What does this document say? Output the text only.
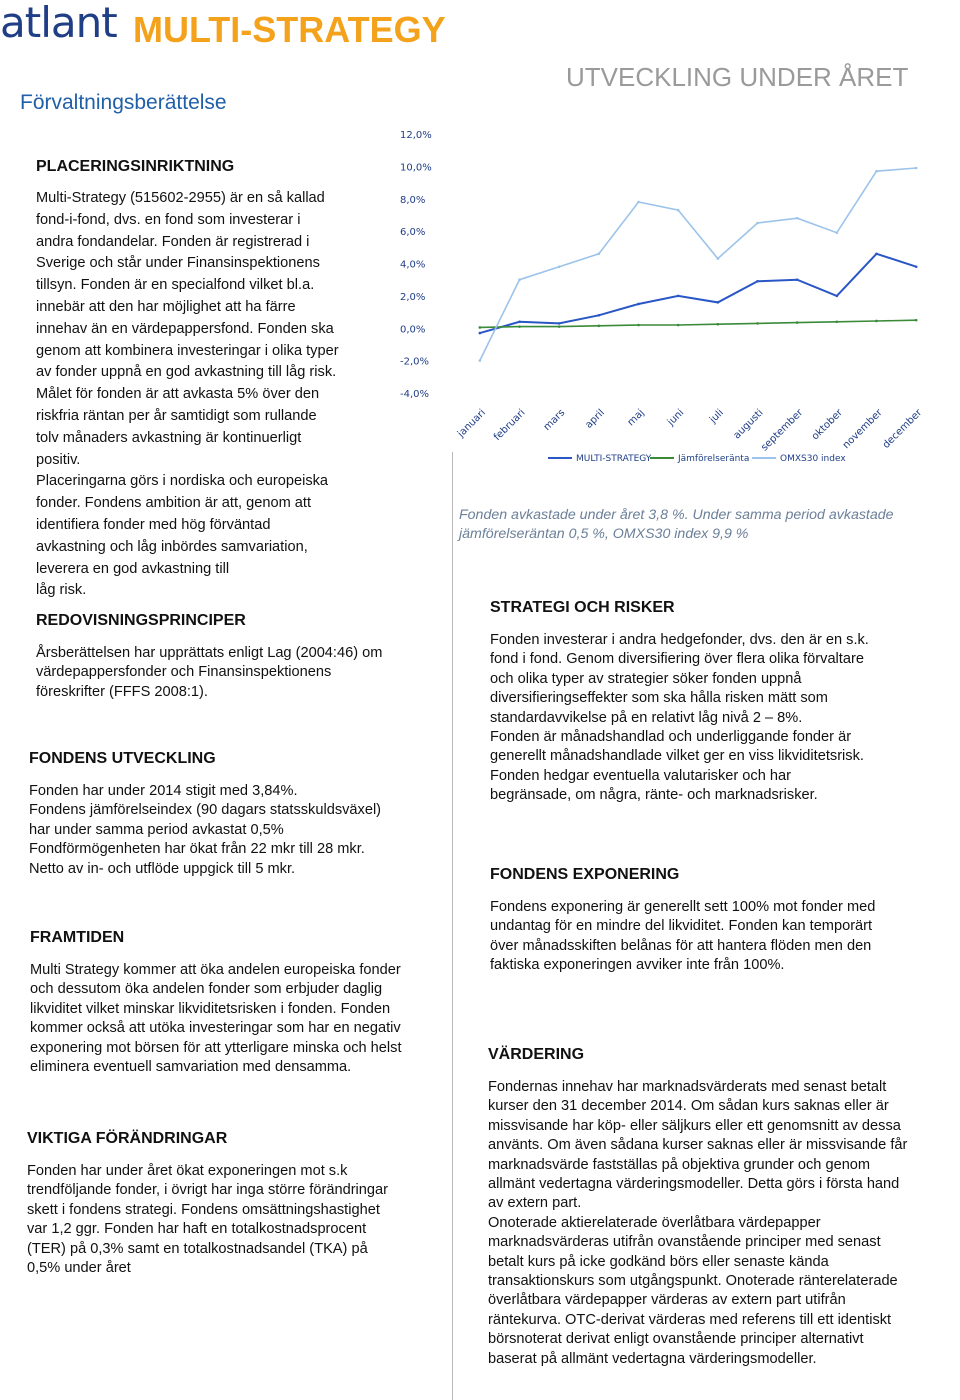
atlant MULTI-STRATEGY
Förvaltningsberättelse
UTVECKLING UNDER ÅRET
PLACERINGSINRIKTNING
Multi-Strategy (515602-2955) är en så kallad
fond-i-fond, dvs. en fond som investerar i
andra fondandelar. Fonden är registrerad i
Sverige och står under Finansinspektionens
tillsyn. Fonden är en specialfond vilket bl.a.
innebär att den har möjlighet att ha färre
innehav än en värdepappersfond. Fonden ska
genom att kombinera investeringar i olika typer
av fonder uppnå en god avkastning till låg risk.
Målet för fonden är att avkasta 5% över den
riskfria räntan per år samtidigt som rullande
tolv månaders avkastning är kontinuerligt
positiv.
Placeringarna görs i nordiska och europeiska
fonder. Fondens ambition är att, genom att
identifiera fonder med hög förväntad
avkastning och låg inbördes samvariation,
leverera en god avkastning till
låg risk.
REDOVISNINGSPRINCIPER
Årsberättelsen har upprättats enligt Lag (2004:46) om
värdepappersfonder och Finansinspektionens
föreskrifter (FFFS 2008:1).
FONDENS UTVECKLING
Fonden har under 2014 stigit med 3,84%.
Fondens jämförelseindex (90 dagars statsskuldsväxel)
har under samma period avkastat 0,5%
Fondförmögenheten har ökat från 22 mkr till 28 mkr.
Netto av in- och utflöde uppgick till 5 mkr.
FRAMTIDEN
Multi Strategy kommer att öka andelen europeiska fonder
och dessutom öka andelen fonder som erbjuder daglig
likviditet vilket minskar likviditetsrisken i fonden. Fonden
kommer också att utöka investeringar som har en negativ
exponering mot börsen för att ytterligare minska och helst
eliminera eventuell samvariation med densamma.
VIKTIGA FÖRÄNDRINGAR
Fonden har under året ökat exponeringen mot s.k
trendföljande fonder, i övrigt har inga större förändringar
skett i fondens strategi. Fondens omsättningshastighet
var 1,2 ggr. Fonden har haft en totalkostnadsprocent
(TER) på 0,3% samt en totalkostnadsandel (TKA) på
0,5% under året
12,0%
10,0%
8,0%
6,0%
4,0%
2,0%
0,0%
-2,0%
-4,0%
januari februari mars april maj juni juli augusti
september oktober
november
december
MULTI-STRATEGY	Jämförelseränta	OMXS30 index
Fonden avkastade under året 3,8 %. Under samma period avkastade
jämförelseräntan 0,5 %, OMXS30 index 9,9 %
STRATEGI OCH RISKER
Fonden investerar i andra hedgefonder, dvs. den är en s.k.
fond i fond. Genom diversifiering över flera olika förvaltare
och olika typer av strategier söker fonden uppnå
diversifieringseffekter som ska hålla risken mätt som
standardavvikelse på en relativt låg nivå 2 – 8%.
Fonden är månadshandlad och underliggande fonder är
generellt månadshandlade vilket ger en viss likviditetsrisk.
Fonden hedgar eventuella valutarisker och har
begränsade, om några, ränte- och marknadsrisker.
FONDENS EXPONERING
Fondens exponering är generellt sett 100% mot fonder med
undantag för en mindre del likviditet. Fonden kan temporärt
över månadsskiften belånas för att hantera flöden men den
faktiska exponeringen avviker inte från 100%.
VÄRDERING
Fondernas innehav har marknadsvärderats med senast betalt
kurser den 31 december 2014. Om sådan kurs saknas eller är
missvisande har köp- eller säljkurs eller ett genomsnitt av dessa
använts. Om även sådana kurser saknas eller är missvisande får
marknadsvärde fastställas på objektiva grunder och genom
allmänt vedertagna värderingsmodeller. Detta görs i första hand
av extern part.
Onoterade aktierelaterade överlåtbara värdepapper
marknadsvärderas utifrån ovanstående principer med senast
betalt kurs på icke godkänd börs eller senaste kända
transaktionskurs som utgångspunkt. Onoterade ränterelaterade
överlåtbara värdepapper värderas av extern part utifrån
räntekurva. OTC-derivat värderas med referens till ett identiskt
börsnoterat derivat enligt ovanstående principer alternativt
baserat på allmänt vedertagna värderingsmodeller.
